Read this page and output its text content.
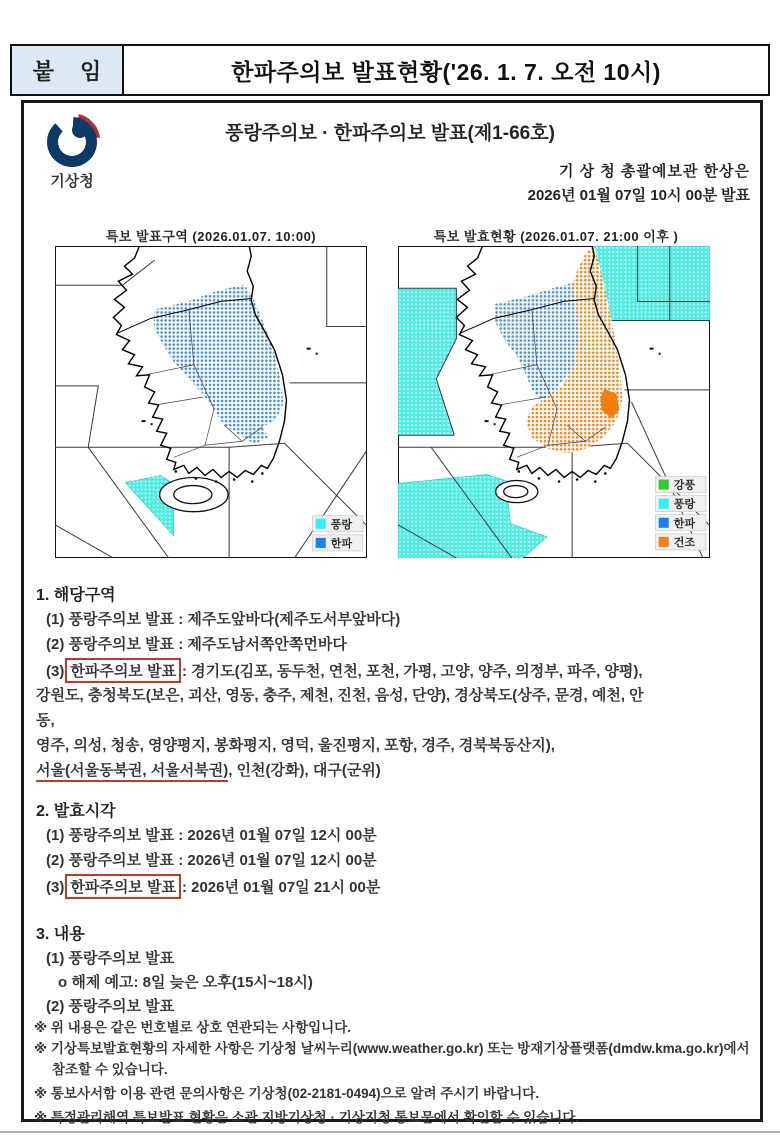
붙 임	한파주의보 발표현황('26. 1. 7. 오전 10시)
기상청
풍랑주의보 · 한파주의보 발표(제1-66호)
기 상 청 총괄예보관 한상은
2026년 01월 07일 10시 00분 발표
특보 발표구역 (2026.01.07. 10:00)	특보 발효현황 (2026.01.07. 21:00 이후 )
풍랑
한파
강풍
풍랑
한파
건조
1. 해당구역
(1) 풍랑주의보 발표 : 제주도앞바다(제주도서부앞바다)
(2) 풍랑주의보 발표 : 제주도남서쪽안쪽먼바다
(3) 한파주의보 발표 : 경기도(김포, 동두천, 연천, 포천, 가평, 고양, 양주, 의정부, 파주, 양평),
강원도, 충청북도(보은, 괴산, 영동, 충주, 제천, 진천, 음성, 단양), 경상북도(상주, 문경, 예천, 안
동,
영주, 의성, 청송, 영양평지, 봉화평지, 영덕, 울진평지, 포항, 경주, 경북북동산지),
서울(서울동북권, 서울서북권), 인천(강화), 대구(군위)
2. 발효시각
(1) 풍랑주의보 발표 : 2026년 01월 07일 12시 00분
(2) 풍랑주의보 발표 : 2026년 01월 07일 12시 00분
(3) 한파주의보 발표 : 2026년 01월 07일 21시 00분
3. 내용
(1) 풍랑주의보 발표
o 해제 예고: 8일 늦은 오후(15시~18시)
(2) 풍랑주의보 발표
※ 위 내용은 같은 번호별로 상호 연관되는 사항입니다.
※ 기상특보발효현황의 자세한 사항은 기상청 날씨누리(www.weather.go.kr) 또는 방재기상플랫폼(dmdw.kma.go.kr)에서
참조할 수 있습니다.
※ 통보사서함 이용 관련 문의사항은 기상청(02-2181-0494)으로 알려 주시기 바랍니다.
※ 특정관리해역 특보발표 현황은 소관 지방기상청 · 기상지청 통보문에서 확인할 수 있습니다.
